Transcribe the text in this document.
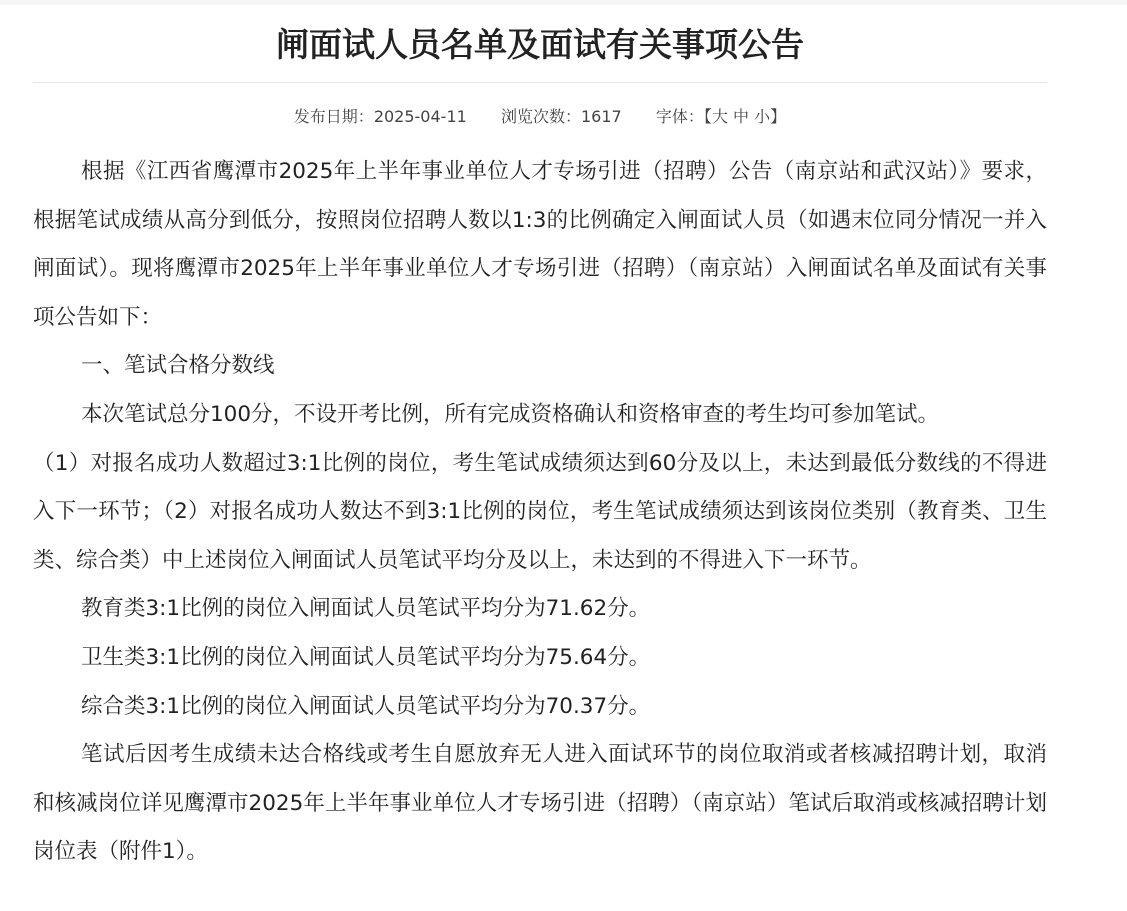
闸面试人员名单及面试有关事项公告
发布日期：2025-04-11 浏览次数：1617 字体：【大 中 小】

根据《江西省鹰潭市2025年上半年事业单位人才专场引进（招聘）公告（南京站和武汉站）》要求，根据笔试成绩从高分到低分，按照岗位招聘人数以1:3的比例确定入闸面试人员（如遇末位同分情况一并入闸面试）。现将鹰潭市2025年上半年事业单位人才专场引进（招聘）（南京站）入闸面试名单及面试有关事项公告如下：

一、笔试合格分数线

本次笔试总分100分，不设开考比例，所有完成资格确认和资格审查的考生均可参加笔试。

（1）对报名成功人数超过3:1比例的岗位，考生笔试成绩须达到60分及以上，未达到最低分数线的不得进入下一环节；（2）对报名成功人数达不到3:1比例的岗位，考生笔试成绩须达到该岗位类别（教育类、卫生类、综合类）中上述岗位入闸面试人员笔试平均分及以上，未达到的不得进入下一环节。

教育类3:1比例的岗位入闸面试人员笔试平均分为71.62分。

卫生类3:1比例的岗位入闸面试人员笔试平均分为75.64分。

综合类3:1比例的岗位入闸面试人员笔试平均分为70.37分。

笔试后因考生成绩未达合格线或考生自愿放弃无人进入面试环节的岗位取消或者核减招聘计划，取消和核减岗位详见鹰潭市2025年上半年事业单位人才专场引进（招聘）（南京站）笔试后取消或核减招聘计划岗位表（附件1）。
